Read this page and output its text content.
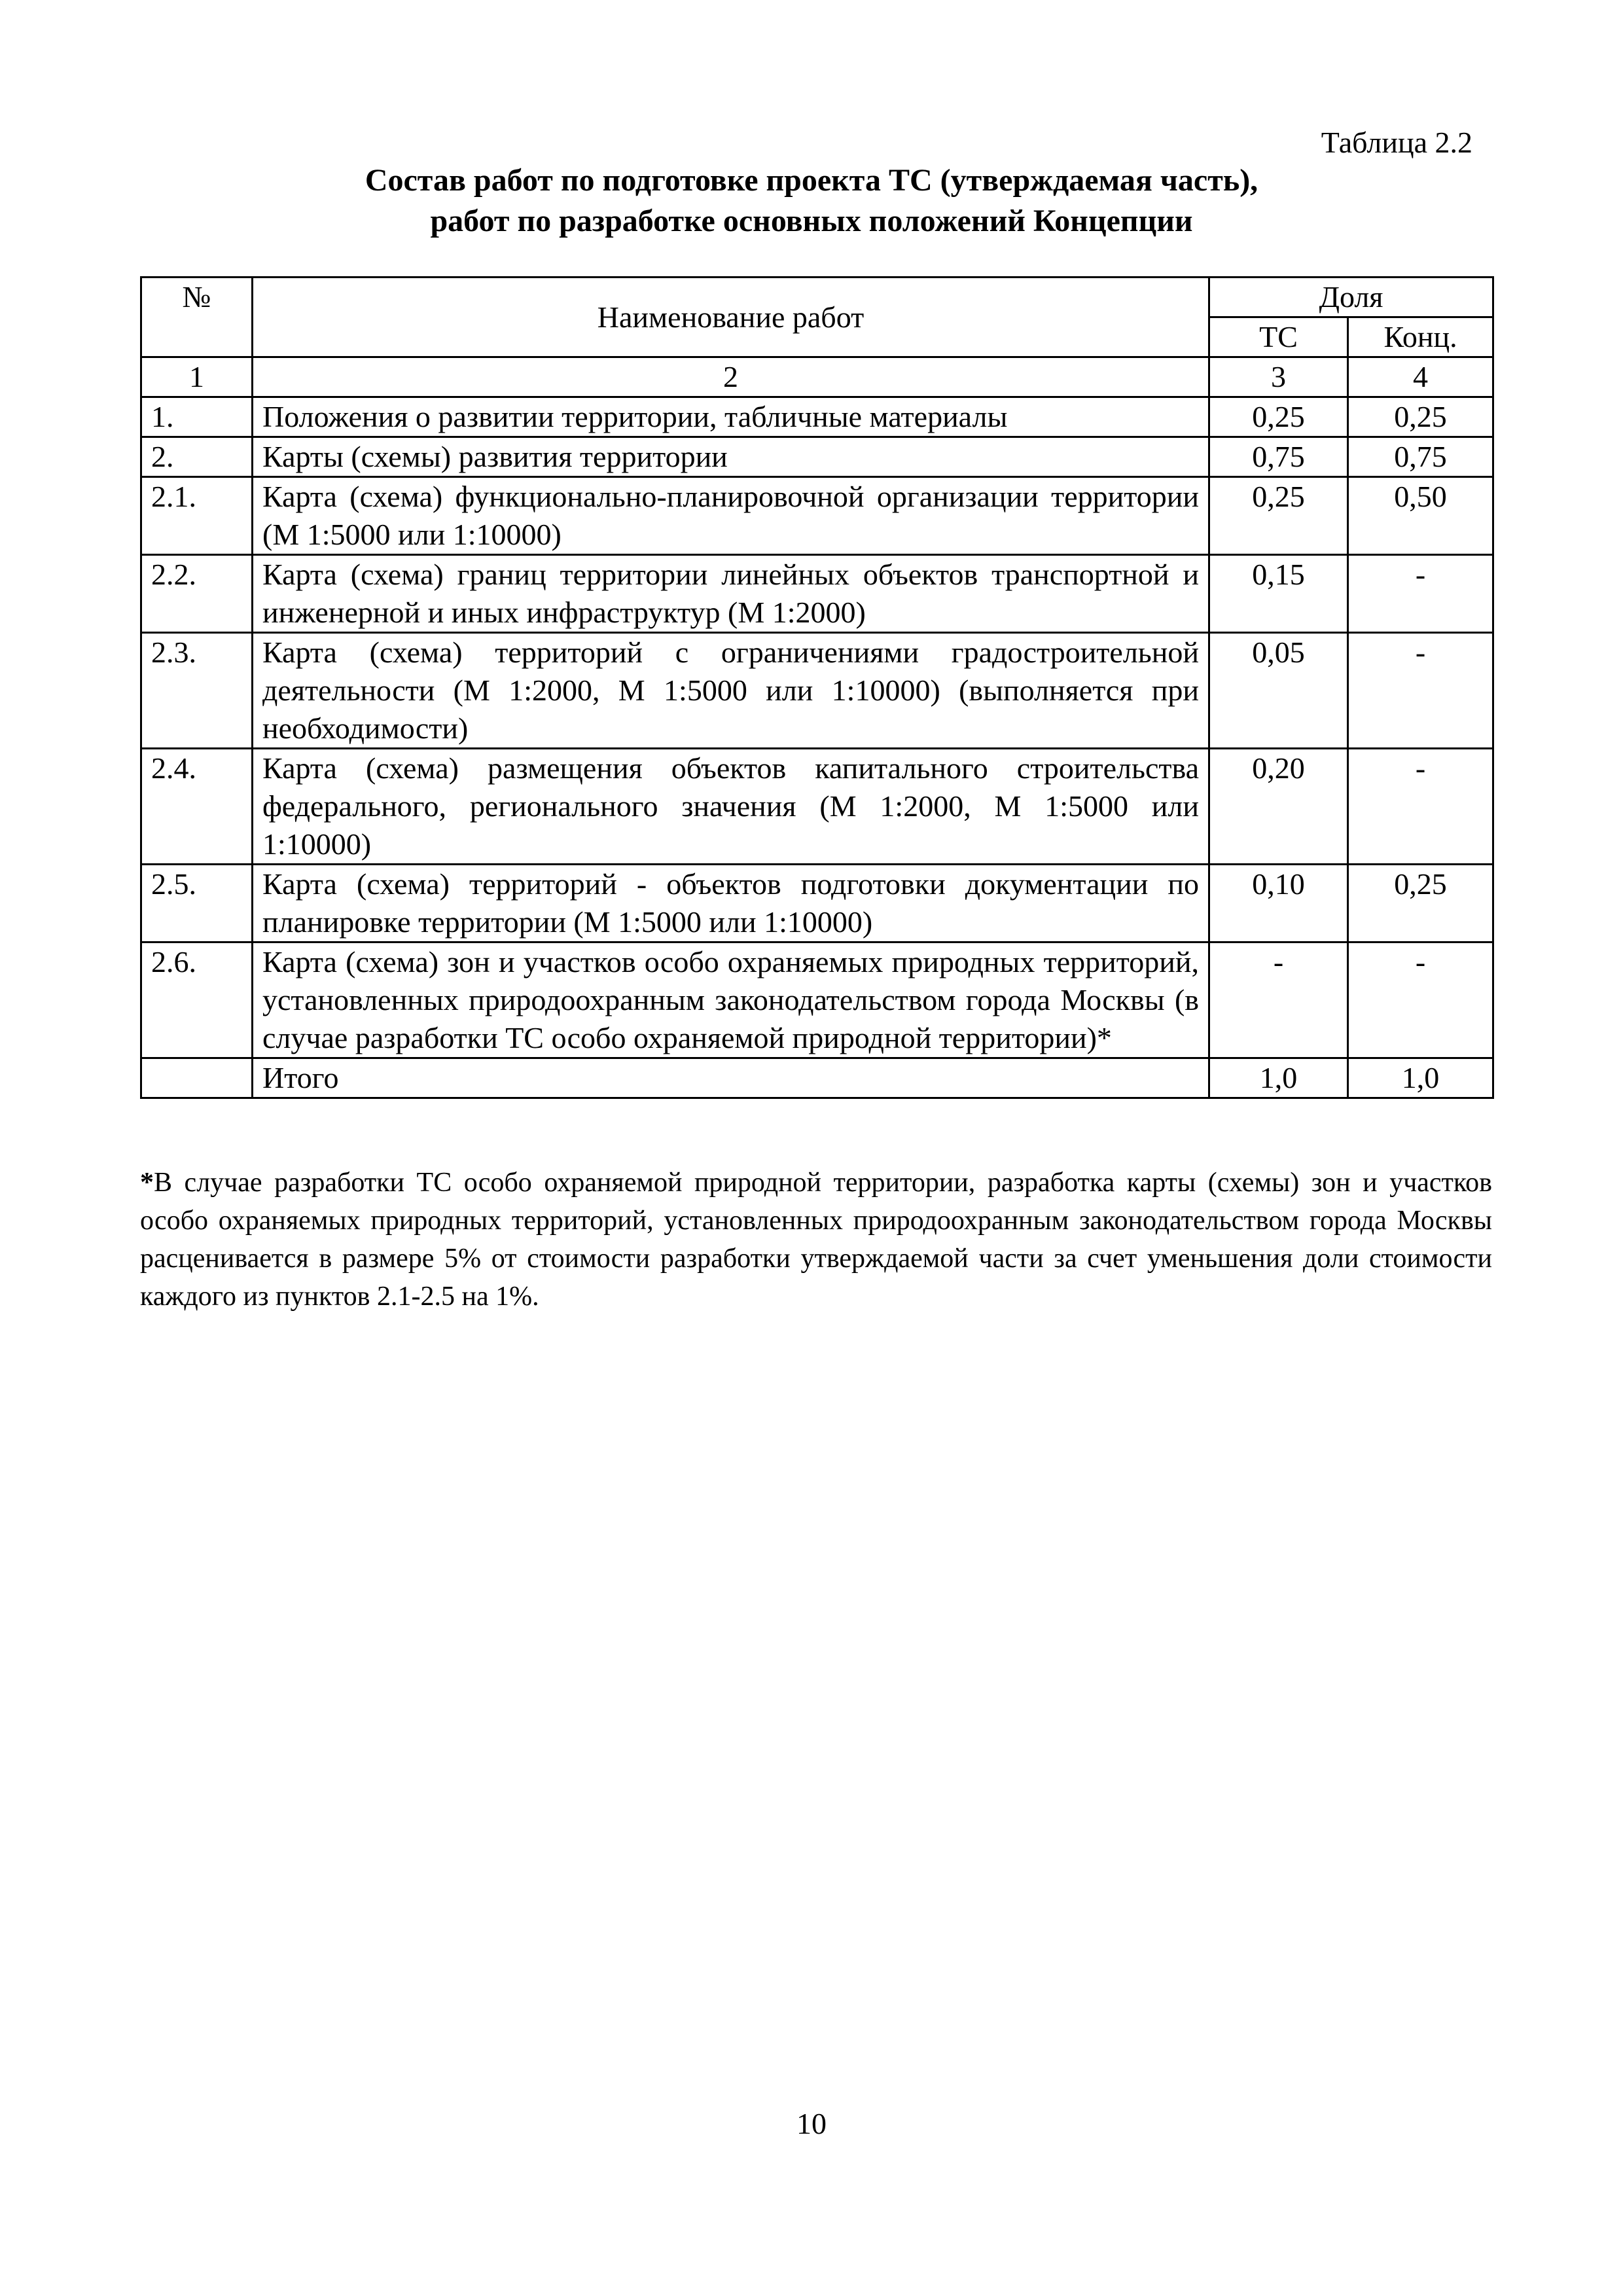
Таблица 2.2
Состав работ по подготовке проекта ТС (утверждаемая часть),
работ по разработке основных положений Концепции
№	Наименование работ	Доля	
		ТС	Конц.
1	2	3	4
1.	Положения о развитии территории, табличные материалы	0,25	0,25
2.	Карты (схемы) развития территории	0,75	0,75
2.1.	Карта (схема) функционально-планировочной организации территории (М 1:5000 или 1:10000)	0,25	0,50
2.2.	Карта (схема) границ территории линейных объектов транспортной и инженерной и иных инфраструктур (М 1:2000)	0,15	-
2.3.	Карта (схема) территорий с ограничениями градостроительной деятельности (М 1:2000, М 1:5000 или 1:10000) (выполняется при необходимости)	0,05	-
2.4.	Карта (схема) размещения объектов капитального строительства федерального, регионального значения (М 1:2000, М 1:5000 или 1:10000)	0,20	-
2.5.	Карта (схема) территорий - объектов подготовки документации по планировке территории (М 1:5000 или 1:10000)	0,10	0,25
2.6.	Карта (схема) зон и участков особо охраняемых природных территорий, установленных природоохранным законодательством города Москвы (в случае разработки ТС особо охраняемой природной территории)*	-	-
	Итого	1,0	1,0
*В случае разработки ТС особо охраняемой природной территории, разработка карты (схемы) зон и участков особо охраняемых природных территорий, установленных природоохранным законодательством города Москвы расценивается в размере 5% от стоимости разработки утверждаемой части за счет уменьшения доли стоимости каждого из пунктов 2.1-2.5 на 1%.
10
